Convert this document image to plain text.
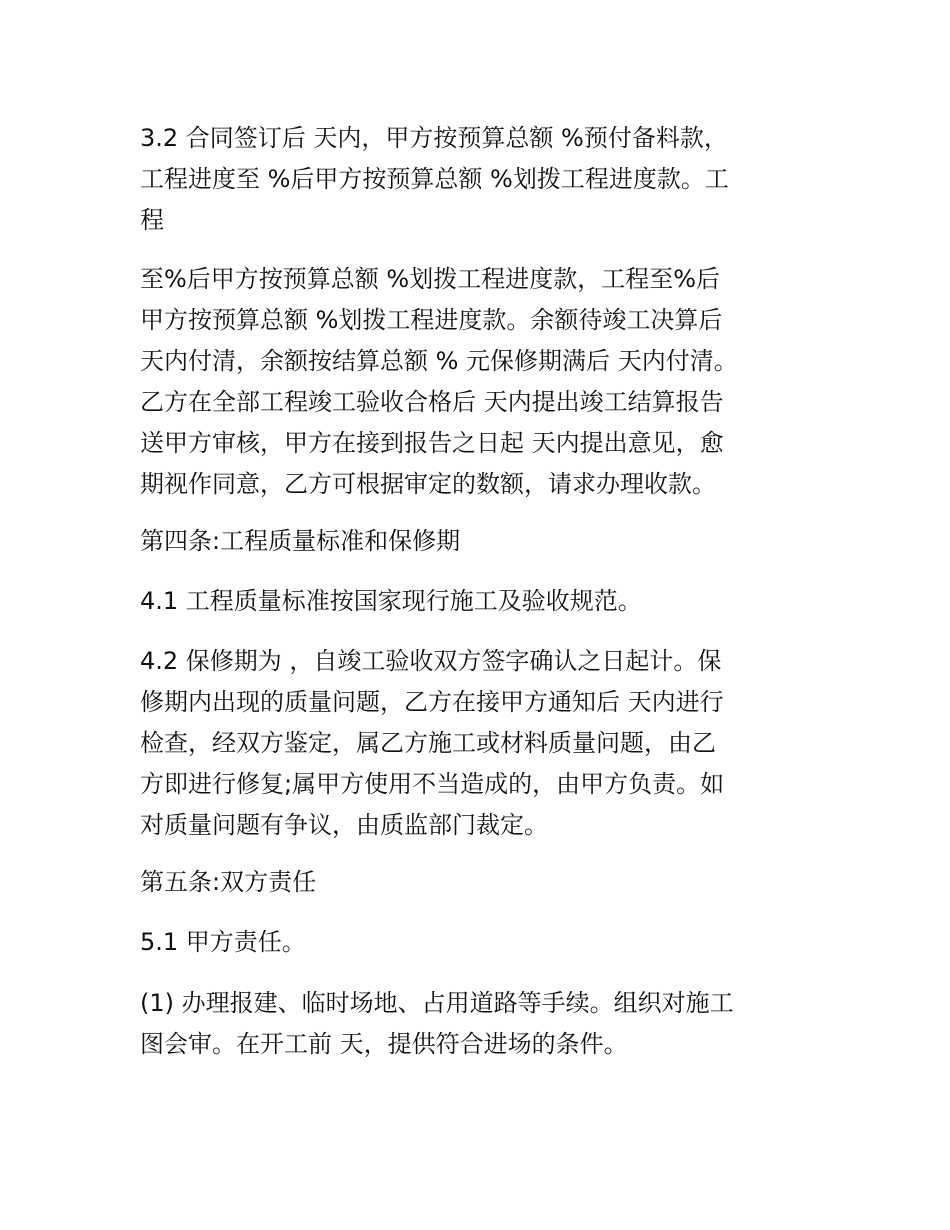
3.2 合同签订后 天内，甲方按预算总额 %预付备料款，
工程进度至 %后甲方按预算总额 %划拨工程进度款。工
程
至%后甲方按预算总额 %划拨工程进度款，工程至%后
甲方按预算总额 %划拨工程进度款。余额待竣工决算后
天内付清，余额按结算总额 % 元保修期满后 天内付清。
乙方在全部工程竣工验收合格后 天内提出竣工结算报告
送甲方审核，甲方在接到报告之日起 天内提出意见，愈
期视作同意，乙方可根据审定的数额，请求办理收款。
第四条:工程质量标准和保修期
4.1 工程质量标准按国家现行施工及验收规范。
4.2 保修期为 ，自竣工验收双方签字确认之日起计。保
修期内出现的质量问题，乙方在接甲方通知后 天内进行
检查，经双方鉴定，属乙方施工或材料质量问题，由乙
方即进行修复;属甲方使用不当造成的，由甲方负责。如
对质量问题有争议，由质监部门裁定。
第五条:双方责任
5.1 甲方责任。
(1) 办理报建、临时场地、占用道路等手续。组织对施工
图会审。在开工前 天，提供符合进场的条件。
